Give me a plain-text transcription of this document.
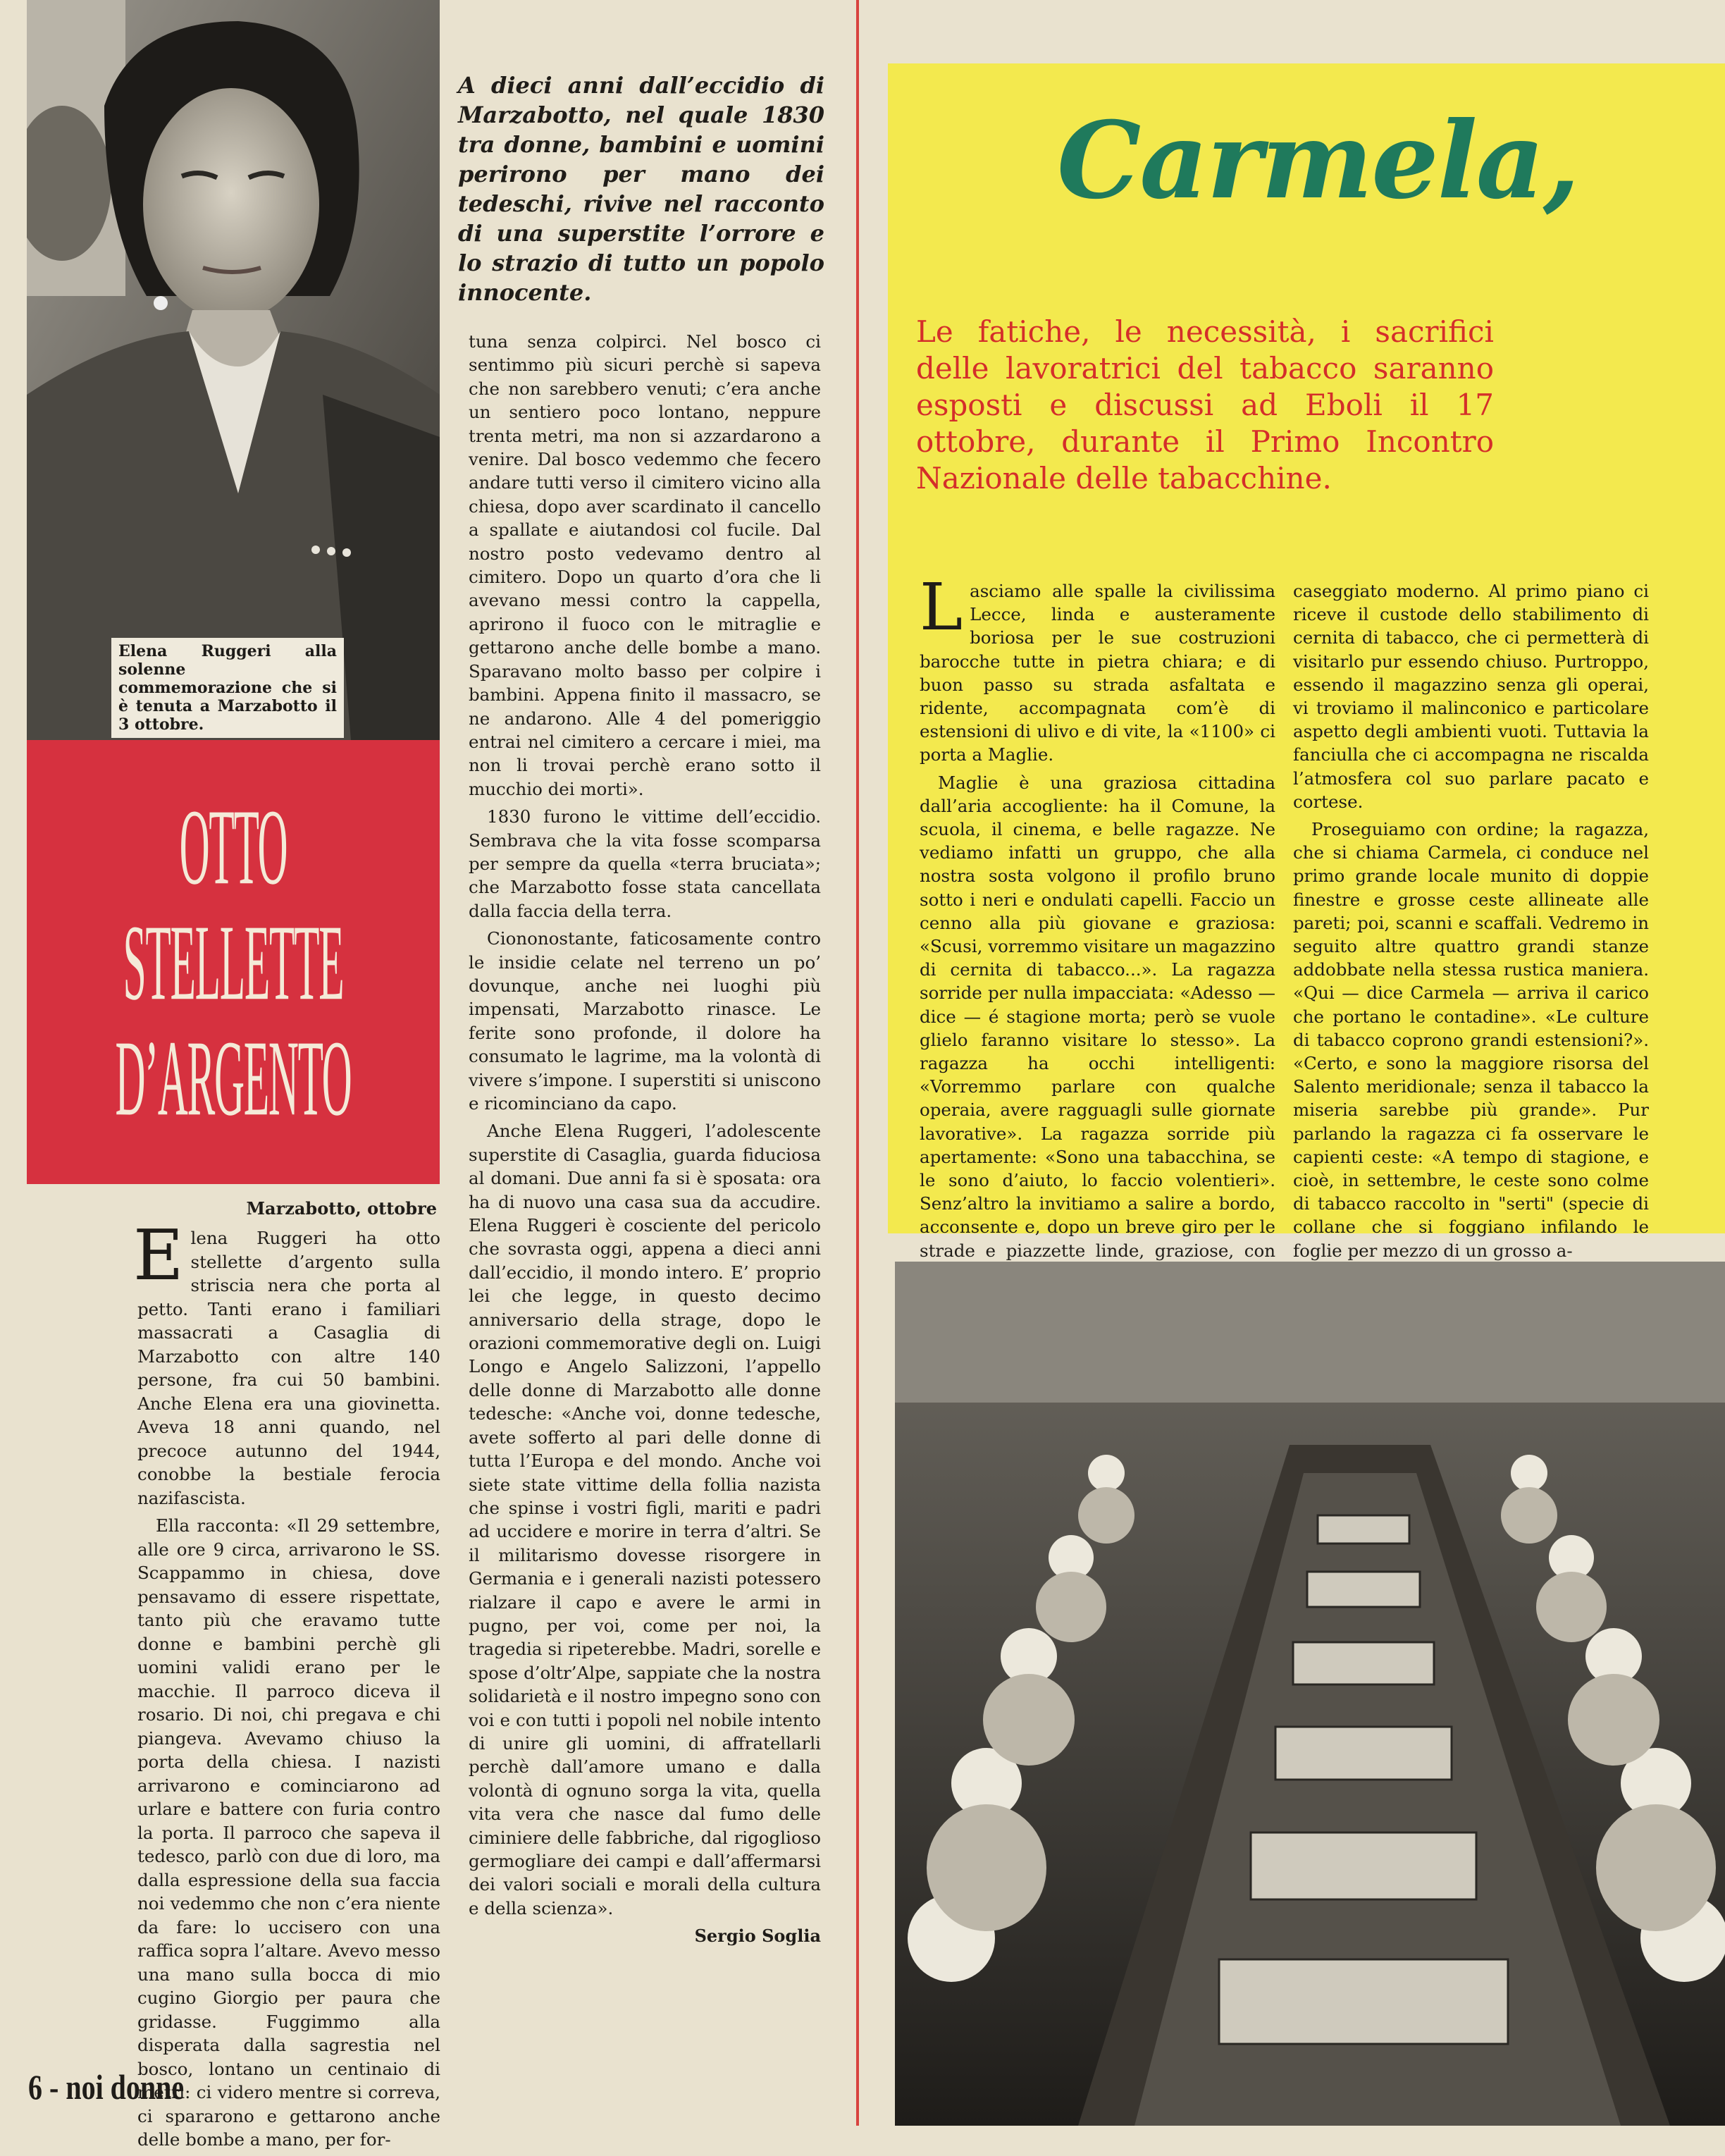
Elena Ruggeri alla solenne commemorazione che si è tenuta a Marzabotto il 3 ottobre.
A dieci anni dall’eccidio di Marzabotto, nel quale 1830 tra donne, bambini e uomini perirono per mano dei tedeschi, rivive nel racconto di una superstite l’orrore e lo strazio di tutto un popolo innocente.
OTTO
STELLETTE
D’ARGENTO
Marzabotto, ottobre

Elena Ruggeri ha otto stellette d’argento sulla striscia nera che porta al petto. Tanti erano i familiari massacrati a Casaglia di Marzabotto con altre 140 persone, fra cui 50 bambini. Anche Elena era una giovinetta. Aveva 18 anni quando, nel precoce autunno del 1944, conobbe la bestiale ferocia nazifascista.

Ella racconta: «Il 29 settembre, alle ore 9 circa, arrivarono le SS. Scappammo in chiesa, dove pensavamo di essere rispettate, tanto più che eravamo tutte donne e bambini perchè gli uomini validi erano per le macchie. Il parroco diceva il rosario. Di noi, chi pregava e chi piangeva. Avevamo chiuso la porta della chiesa. I nazisti arrivarono e cominciarono ad urlare e battere con furia contro la porta. Il parroco che sapeva il tedesco, parlò con due di loro, ma dalla espressione della sua faccia noi vedemmo che non c’era niente da fare: lo uccisero con una raffica sopra l’altare. Avevo messo una mano sulla bocca di mio cugino Giorgio per paura che gridasse. Fuggimmo alla disperata dalla sagrestia nel bosco, lontano un centinaio di metri: ci videro mentre si correva, ci spararono e gettarono anche delle bombe a mano, per for-

tuna senza colpirci. Nel bosco ci sentimmo più sicuri perchè si sapeva che non sarebbero venuti; c’era anche un sentiero poco lontano, neppure trenta metri, ma non si azzardarono a venire. Dal bosco vedemmo che fecero andare tutti verso il cimitero vicino alla chiesa, dopo aver scardinato il cancello a spallate e aiutandosi col fucile. Dal nostro posto vedevamo dentro al cimitero. Dopo un quarto d’ora che li avevano messi contro la cappella, aprirono il fuoco con le mitraglie e gettarono anche delle bombe a mano. Sparavano molto basso per colpire i bambini. Appena finito il massacro, se ne andarono. Alle 4 del pomeriggio entrai nel cimitero a cercare i miei, ma non li trovai perchè erano sotto il mucchio dei morti».

1830 furono le vittime dell’eccidio. Sembrava che la vita fosse scomparsa per sempre da quella «terra bruciata»; che Marzabotto fosse stata cancellata dalla faccia della terra.

Ciononostante, faticosamente contro le insidie celate nel terreno un po’ dovunque, anche nei luoghi più impensati, Marzabotto rinasce. Le ferite sono profonde, il dolore ha consumato le lagrime, ma la volontà di vivere s’impone. I superstiti si uniscono e ricominciano da capo.

Anche Elena Ruggeri, l’adolescente superstite di Casaglia, guarda fiduciosa al domani. Due anni fa si è sposata: ora ha di nuovo una casa sua da accudire. Elena Ruggeri è cosciente del pericolo che sovrasta oggi, appena a dieci anni dall’eccidio, il mondo intero. E’ proprio lei che legge, in questo decimo anniversario della strage, dopo le orazioni commemorative degli on. Luigi Longo e Angelo Salizzoni, l’appello delle donne di Marzabotto alle donne tedesche: «Anche voi, donne tedesche, avete sofferto al pari delle donne di tutta l’Europa e del mondo. Anche voi siete state vittime della follia nazista che spinse i vostri figli, mariti e padri ad uccidere e morire in terra d’altri. Se il militarismo dovesse risorgere in Germania e i generali nazisti potessero rialzare il capo e avere le armi in pugno, per voi, come per noi, la tragedia si ripeterebbe. Madri, sorelle e spose d’oltr’Alpe, sappiate che la nostra solidarietà e il nostro impegno sono con voi e con tutti i popoli nel nobile intento di unire gli uomini, di affratellarli perchè dall’amore umano e dalla volontà di ognuno sorga la vita, quella vita vera che nasce dal fumo delle ciminiere delle fabbriche, dal rigoglioso germogliare dei campi e dall’affermarsi dei valori sociali e morali della cultura e della scienza».

Sergio Soglia
6 - noi donne
Carmela,
Le fatiche, le necessità, i sacrifici delle lavoratrici del tabacco saranno esposti e discussi ad Eboli il 17 ottobre, durante il Primo Incontro Nazionale delle tabacchine.

Lasciamo alle spalle la civilissima Lecce, linda e austeramente boriosa per le sue costruzioni barocche tutte in pietra chiara; e di buon passo su strada asfaltata e ridente, accompagnata com’è di estensioni di ulivo e di vite, la «1100» ci porta a Maglie.

Maglie è una graziosa cittadina dall’aria accogliente: ha il Comune, la scuola, il cinema, e belle ragazze. Ne vediamo infatti un gruppo, che alla nostra sosta volgono il profilo bruno sotto i neri e ondulati capelli. Faccio un cenno alla più giovane e graziosa: «Scusi, vorremmo visitare un magazzino di cernita di tabacco...». La ragazza sorride per nulla impacciata: «Adesso — dice — é stagione morta; però se vuole glielo faranno visitare lo stesso». La ragazza ha occhi intelligenti: «Vorremmo parlare con qualche operaia, avere ragguagli sulle giornate lavorative». La ragazza sorride più apertamente: «Sono una tabacchina, se le sono d’aiuto, lo faccio volentieri». Senz’altro la invitiamo a salire a bordo, acconsente e, dopo un breve giro per le strade e piazzette linde, graziose, con

caseggiato moderno. Al primo piano ci riceve il custode dello stabilimento di cernita di tabacco, che ci permetterà di visitarlo pur essendo chiuso. Purtroppo, essendo il magazzino senza gli operai, vi troviamo il malinconico e particolare aspetto degli ambienti vuoti. Tuttavia la fanciulla che ci accompagna ne riscalda l’atmosfera col suo parlare pacato e cortese.

Proseguiamo con ordine; la ragazza, che si chiama Carmela, ci conduce nel primo grande locale munito di doppie finestre e grosse ceste allineate alle pareti; poi, scanni e scaffali. Vedremo in seguito altre quattro grandi stanze addobbate nella stessa rustica maniera. «Qui — dice Carmela — arriva il carico che portano le contadine». «Le culture di tabacco coprono grandi estensioni?». «Certo, e sono la maggiore risorsa del Salento meridionale; senza il tabacco la miseria sarebbe più grande». Pur parlando la ragazza ci fa osservare le capienti ceste: «A tempo di stagione, e cioè, in settembre, le ceste sono colme di tabacco raccolto in "serti" (specie di collane che si foggiano infilando le foglie per mezzo di un grosso a-
